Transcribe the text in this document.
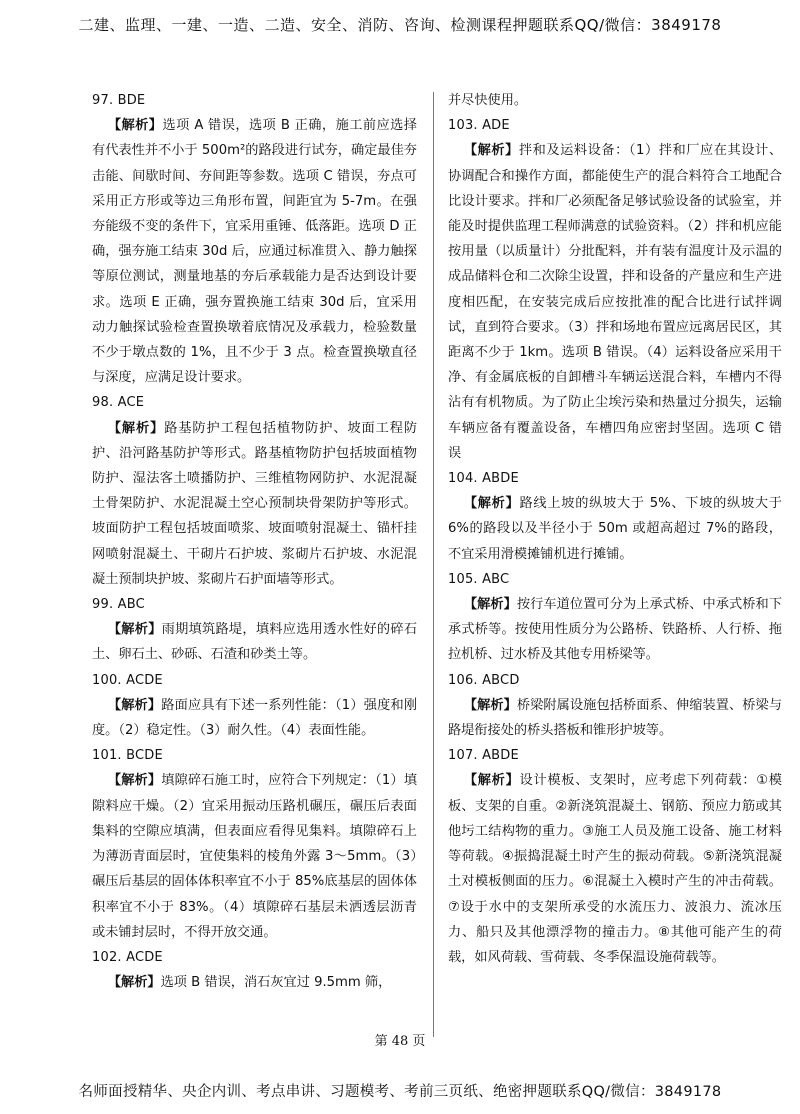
二建、监理、一建、一造、二造、安全、消防、咨询、检测课程押题联系QQ/微信：3849178
97. BDE

【解析】选项 A 错误，选项 B 正确，施工前应选择有代表性并不小于 500m²的路段进行试夯，确定最佳夯击能、间歇时间、夯间距等参数。选项 C 错误，夯点可采用正方形或等边三角形布置，间距宜为 5-7m。在强夯能级不变的条件下，宜采用重锤、低落距。选项 D 正确，强夯施工结束 30d 后，应通过标准贯入、静力触探等原位测试，测量地基的夯后承载能力是否达到设计要求。选项 E 正确，强夯置换施工结束 30d 后，宜采用动力触探试验检查置换墩着底情况及承载力，检验数量不少于墩点数的 1%，且不少于 3 点。检查置换墩直径与深度，应满足设计要求。

98. ACE

【解析】路基防护工程包括植物防护、坡面工程防护、沿河路基防护等形式。路基植物防护包括坡面植物防护、湿法客土喷播防护、三维植物网防护、水泥混凝土骨架防护、水泥混凝土空心预制块骨架防护等形式。坡面防护工程包括坡面喷浆、坡面喷射混凝土、锚杆挂网喷射混凝土、干砌片石护坡、浆砌片石护坡、水泥混凝土预制块护坡、浆砌片石护面墙等形式。

99. ABC

【解析】雨期填筑路堤，填料应选用透水性好的碎石土、卵石土、砂砾、石渣和砂类土等。

100. ACDE

【解析】路面应具有下述一系列性能：（1）强度和刚度。（2）稳定性。（3）耐久性。（4）表面性能。

101. BCDE

【解析】填隙碎石施工时，应符合下列规定：（1）填隙料应干燥。（2）宜采用振动压路机碾压，碾压后表面集料的空隙应填满，但表面应看得见集料。填隙碎石上为薄沥青面层时，宜使集料的棱角外露 3～5mm。（3）碾压后基层的固体体积率宜不小于 85%底基层的固体体积率宜不小于 83%。（4）填隙碎石基层未洒透层沥青或未铺封层时，不得开放交通。

102. ACDE

【解析】选项 B 错误，消石灰宜过 9.5mm 筛，

并尽快使用。

103. ADE

【解析】拌和及运料设备：（1）拌和厂应在其设计、协调配合和操作方面，都能使生产的混合料符合工地配合比设计要求。拌和厂必须配备足够试验设备的试验室，并能及时提供监理工程师满意的试验资料。（2）拌和机应能按用量（以质量计）分批配料，并有装有温度计及示温的成品储料仓和二次除尘设置，拌和设备的产量应和生产进度相匹配，在安装完成后应按批准的配合比进行试拌调试，直到符合要求。（3）拌和场地布置应远离居民区，其距离不少于 1km。选项 B 错误。（4）运料设备应采用干净、有金属底板的自卸槽斗车辆运送混合料，车槽内不得沾有有机物质。为了防止尘埃污染和热量过分损失，运输车辆应备有覆盖设备，车槽四角应密封坚固。选项 C 错误

104. ABDE

【解析】路线上坡的纵坡大于 5%、下坡的纵坡大于 6%的路段以及半径小于 50m 或超高超过 7%的路段，不宜采用滑模摊铺机进行摊铺。

105. ABC

【解析】按行车道位置可分为上承式桥、中承式桥和下承式桥等。按使用性质分为公路桥、铁路桥、人行桥、拖拉机桥、过水桥及其他专用桥梁等。

106. ABCD

【解析】桥梁附属设施包括桥面系、伸缩装置、桥梁与路堤衔接处的桥头搭板和锥形护坡等。

107. ABDE

【解析】设计模板、支架时，应考虑下列荷载：①模板、支架的自重。②新浇筑混凝土、钢筋、预应力筋或其他圬工结构物的重力。③施工人员及施工设备、施工材料等荷载。④振捣混凝土时产生的振动荷载。⑤新浇筑混凝土对模板侧面的压力。⑥混凝土入模时产生的冲击荷载。⑦设于水中的支架所承受的水流压力、波浪力、流冰压力、船只及其他漂浮物的撞击力。⑧其他可能产生的荷载，如风荷载、雪荷载、冬季保温设施荷载等。

第 48 页
名师面授精华、央企内训、考点串讲、习题模考、考前三页纸、绝密押题联系QQ/微信：3849178
